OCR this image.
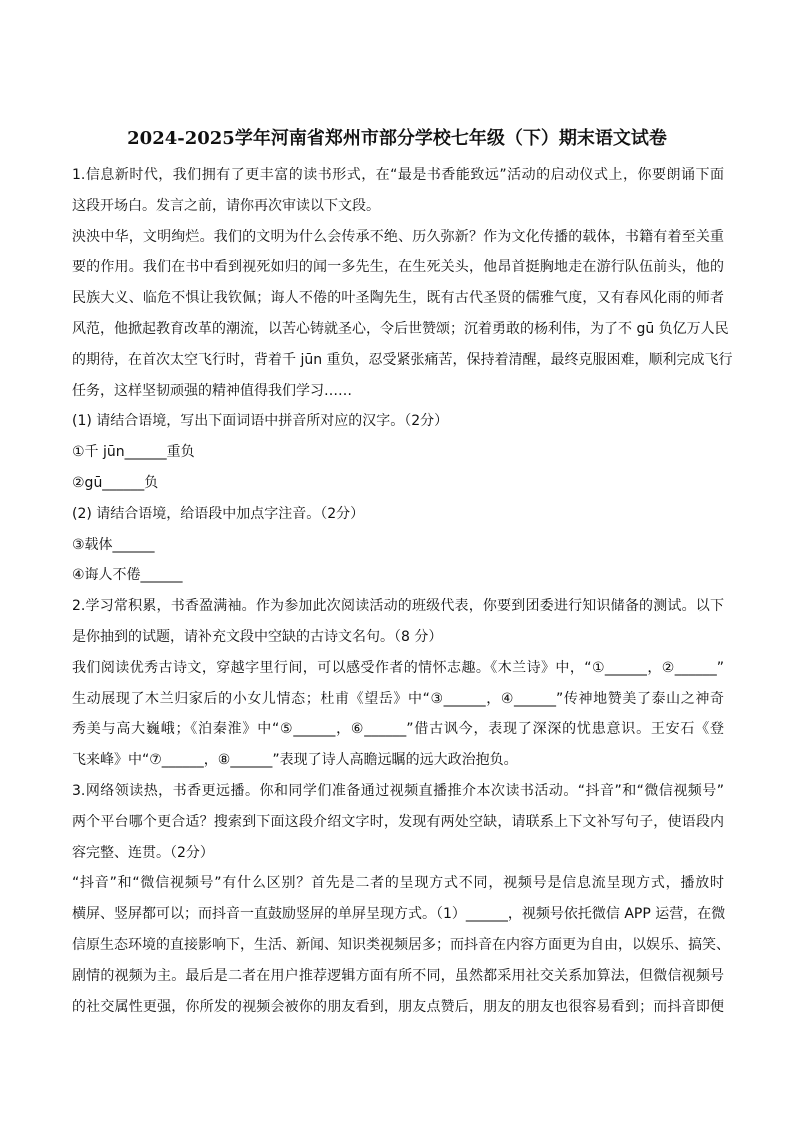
2024-2025学年河南省郑州市部分学校七年级（下）期末语文试卷
1.信息新时代，我们拥有了更丰富的读书形式，在“最是书香能致远”活动的启动仪式上，你要朗诵下面
这段开场白。发言之前，请你再次审读以下文段。
泱泱中华，文明绚烂。我们的文明为什么会传承不绝、历久弥新？作为文化传播的载体，书籍有着至关重
要的作用。我们在书中看到视死如归的闻一多先生，在生死关头，他昂首挺胸地走在游行队伍前头，他的
民族大义、临危不惧让我钦佩；诲人不倦的叶圣陶先生，既有古代圣贤的儒雅气度，又有春风化雨的师者
风范，他掀起教育改革的潮流，以苦心铸就圣心，令后世赞颂；沉着勇敢的杨利伟，为了不 gū 负亿万人民
的期待，在首次太空飞行时，背着千 jūn 重负，忍受紧张痛苦，保持着清醒，最终克服困难，顺利完成飞行
任务，这样坚韧顽强的精神值得我们学习……
(1) 请结合语境，写出下面词语中拼音所对应的汉字。（2分）
①千 jūn______重负
②gū______负
(2) 请结合语境，给语段中加点字注音。（2分）
③载体______
④诲人不倦______
2.学习常积累，书香盈满袖。作为参加此次阅读活动的班级代表，你要到团委进行知识储备的测试。以下
是你抽到的试题，请补充文段中空缺的古诗文名句。（8 分）
我们阅读优秀古诗文，穿越字里行间，可以感受作者的情怀志趣。《木兰诗》中，“①______，②______”
生动展现了木兰归家后的小女儿情态；杜甫《望岳》中“③______，④______”传神地赞美了泰山之神奇
秀美与高大巍峨；《泊秦淮》中“⑤______，⑥______”借古讽今，表现了深深的忧患意识。王安石《登
飞来峰》中“⑦______，⑧______”表现了诗人高瞻远瞩的远大政治抱负。
3.网络领读热，书香更远播。你和同学们准备通过视频直播推介本次读书活动。“抖音”和“微信视频号”
两个平台哪个更合适？搜索到下面这段介绍文字时，发现有两处空缺，请联系上下文补写句子，使语段内
容完整、连贯。（2分）
“抖音”和“微信视频号”有什么区别？首先是二者的呈现方式不同，视频号是信息流呈现方式，播放时
横屏、竖屏都可以；而抖音一直鼓励竖屏的单屏呈现方式。（1）______，视频号依托微信 APP 运营，在微
信原生态环境的直接影响下，生活、新闻、知识类视频居多；而抖音在内容方面更为自由，以娱乐、搞笑、
剧情的视频为主。最后是二者在用户推荐逻辑方面有所不同，虽然都采用社交关系加算法，但微信视频号
的社交属性更强，你所发的视频会被你的朋友看到，朋友点赞后，朋友的朋友也很容易看到；而抖音即便
